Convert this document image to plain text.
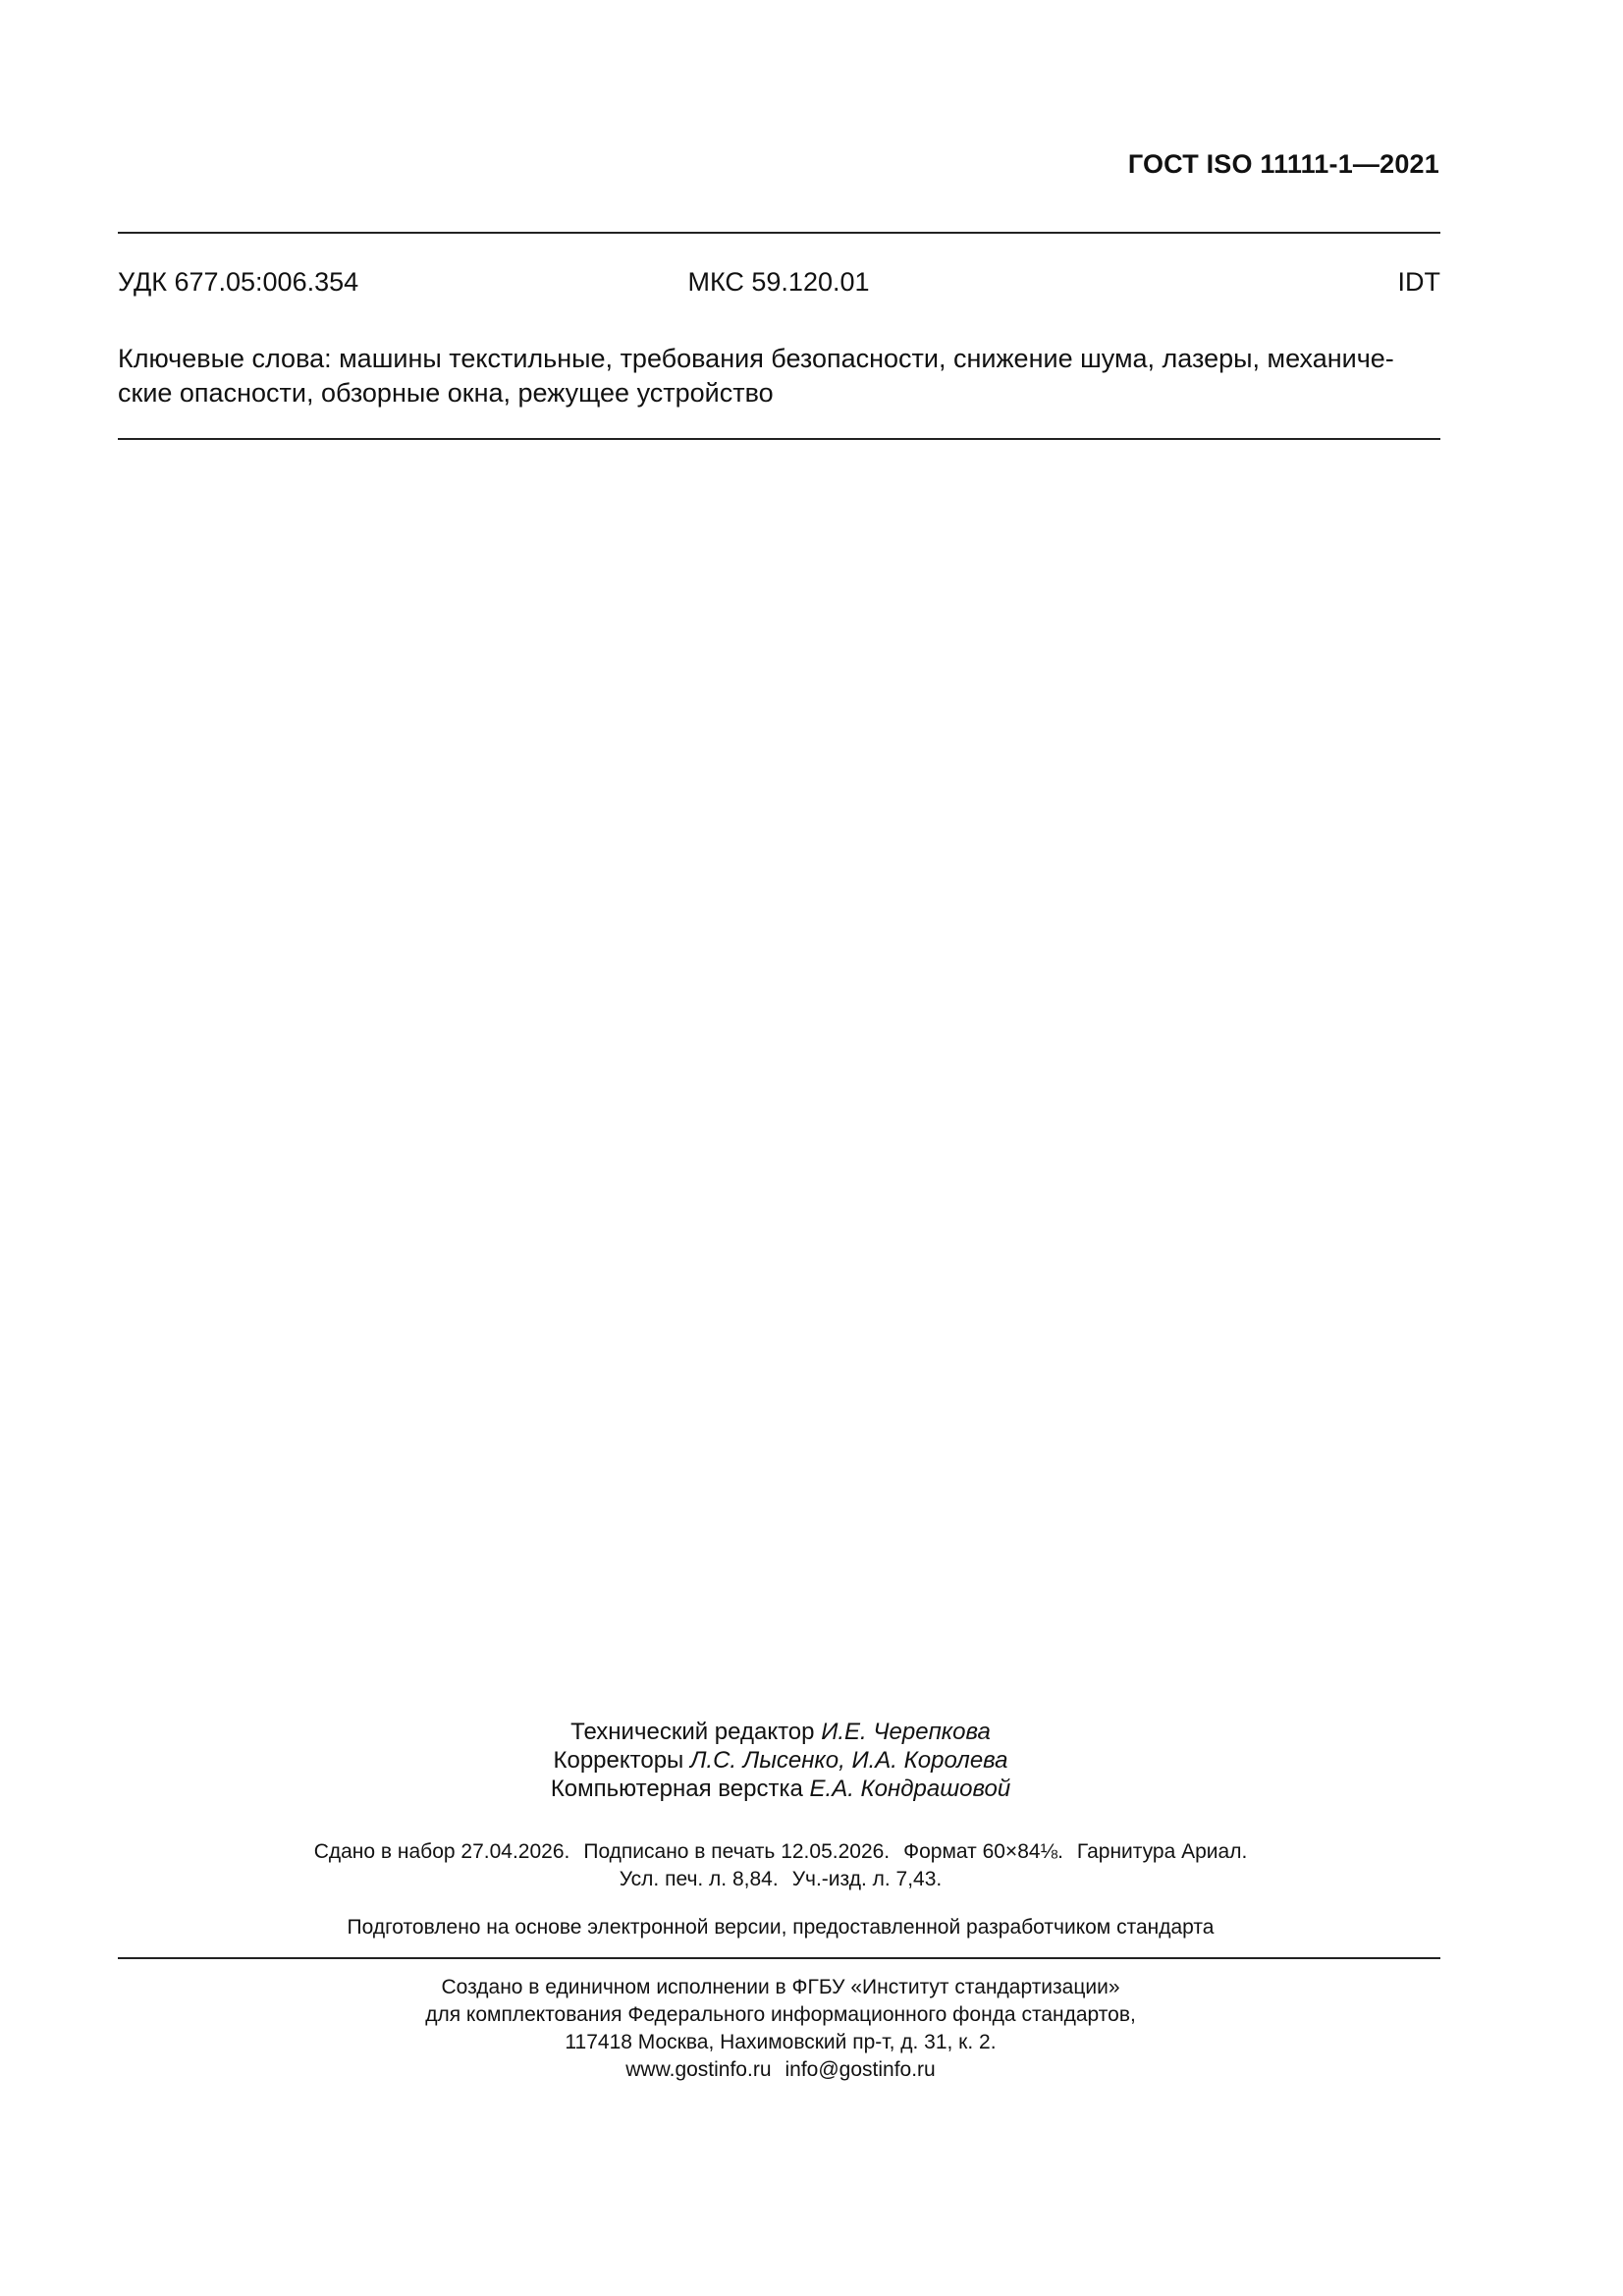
ГОСТ ISO 11111-1—2021
УДК 677.05:006.354	МКС 59.120.01	IDT
Ключевые слова: машины текстильные, требования безопасности, снижение шума, лазеры, механиче-
ские опасности, обзорные окна, режущее устройство
Технический редактор И.Е. Черепкова
Корректоры Л.С. Лысенко, И.А. Королева
Компьютерная верстка Е.А. Кондрашовой
Сдано в набор 27.04.2026. Подписано в печать 12.05.2026. Формат 60×84⅛. Гарнитура Ариал.
Усл. печ. л. 8,84. Уч.-изд. л. 7,43.
Подготовлено на основе электронной версии, предоставленной разработчиком стандарта
Создано в единичном исполнении в ФГБУ «Институт стандартизации»
для комплектования Федерального информационного фонда стандартов,
117418 Москва, Нахимовский пр-т, д. 31, к. 2.
www.gostinfo.ru info@gostinfo.ru
